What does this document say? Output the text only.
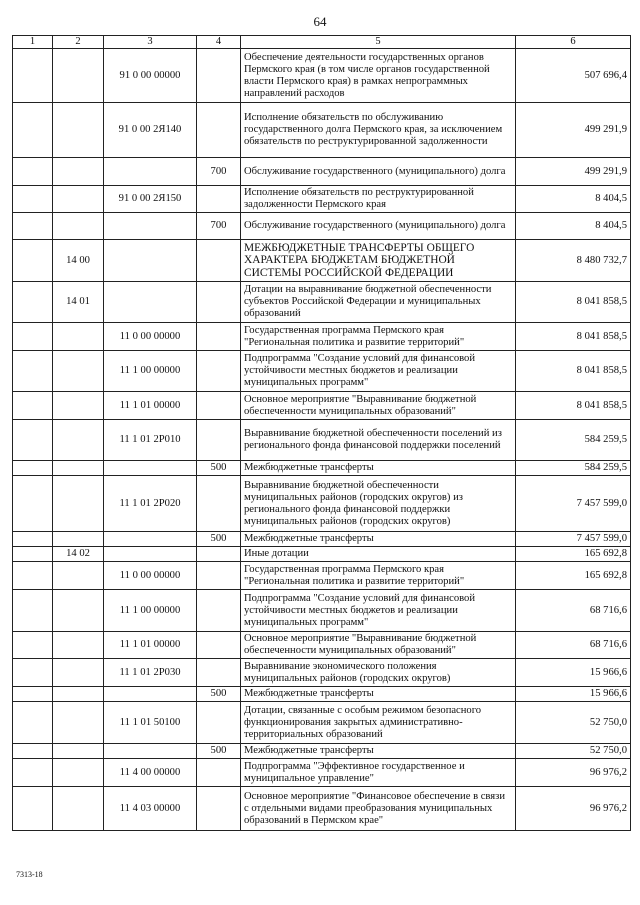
64
1	2	3	4	5	6
		91 0 00 00000		Обеспечение деятельности государственных органов Пермского края (в том числе органов государственной власти Пермского края) в рамках непрограммных направлений расходов	507 696,4
		91 0 00 2Я140		Исполнение обязательств по обслуживанию государственного долга Пермского края, за исключением обязательств по реструктурированной задолженности	499 291,9
			700	Обслуживание государственного (муниципального) долга	499 291,9
		91 0 00 2Я150		Исполнение обязательств по реструктурированной задолженности Пермского края	8 404,5
			700	Обслуживание государственного (муниципального) долга	8 404,5
	14 00			МЕЖБЮДЖЕТНЫЕ ТРАНСФЕРТЫ ОБЩЕГО ХАРАКТЕРА БЮДЖЕТАМ БЮДЖЕТНОЙ СИСТЕМЫ РОССИЙСКОЙ ФЕДЕРАЦИИ	8 480 732,7
	14 01			Дотации на выравнивание бюджетной обеспеченности субъектов Российской Федерации и муниципальных образований	8 041 858,5
		11 0 00 00000		Государственная программа Пермского края "Региональная политика и развитие территорий"	8 041 858,5
		11 1 00 00000		Подпрограмма "Создание условий для финансовой устойчивости местных бюджетов и реализации муниципальных программ"	8 041 858,5
		11 1 01 00000		Основное мероприятие "Выравнивание бюджетной обеспеченности муниципальных образований"	8 041 858,5
		11 1 01 2Р010		Выравнивание бюджетной обеспеченности поселений из регионального фонда финансовой поддержки поселений	584 259,5
			500	Межбюджетные трансферты	584 259,5
		11 1 01 2Р020		Выравнивание бюджетной обеспеченности муниципальных районов (городских округов) из регионального фонда финансовой поддержки муниципальных районов (городских округов)	7 457 599,0
			500	Межбюджетные трансферты	7 457 599,0
	14 02			Иные дотации	165 692,8
		11 0 00 00000		Государственная программа Пермского края "Региональная политика и развитие территорий"	165 692,8
		11 1 00 00000		Подпрограмма "Создание условий для финансовой устойчивости местных бюджетов и реализации муниципальных программ"	68 716,6
		11 1 01 00000		Основное мероприятие "Выравнивание бюджетной обеспеченности муниципальных образований"	68 716,6
		11 1 01 2Р030		Выравнивание экономического положения муниципальных районов (городских округов)	15 966,6
			500	Межбюджетные трансферты	15 966,6
		11 1 01 50100		Дотации, связанные с особым режимом безопасного функционирования закрытых административно-территориальных образований	52 750,0
			500	Межбюджетные трансферты	52 750,0
		11 4 00 00000		Подпрограмма "Эффективное государственное и муниципальное управление"	96 976,2
		11 4 03 00000		Основное мероприятие "Финансовое обеспечение в связи с отдельными видами преобразования муниципальных образований в Пермском крае"	96 976,2
7313-18
